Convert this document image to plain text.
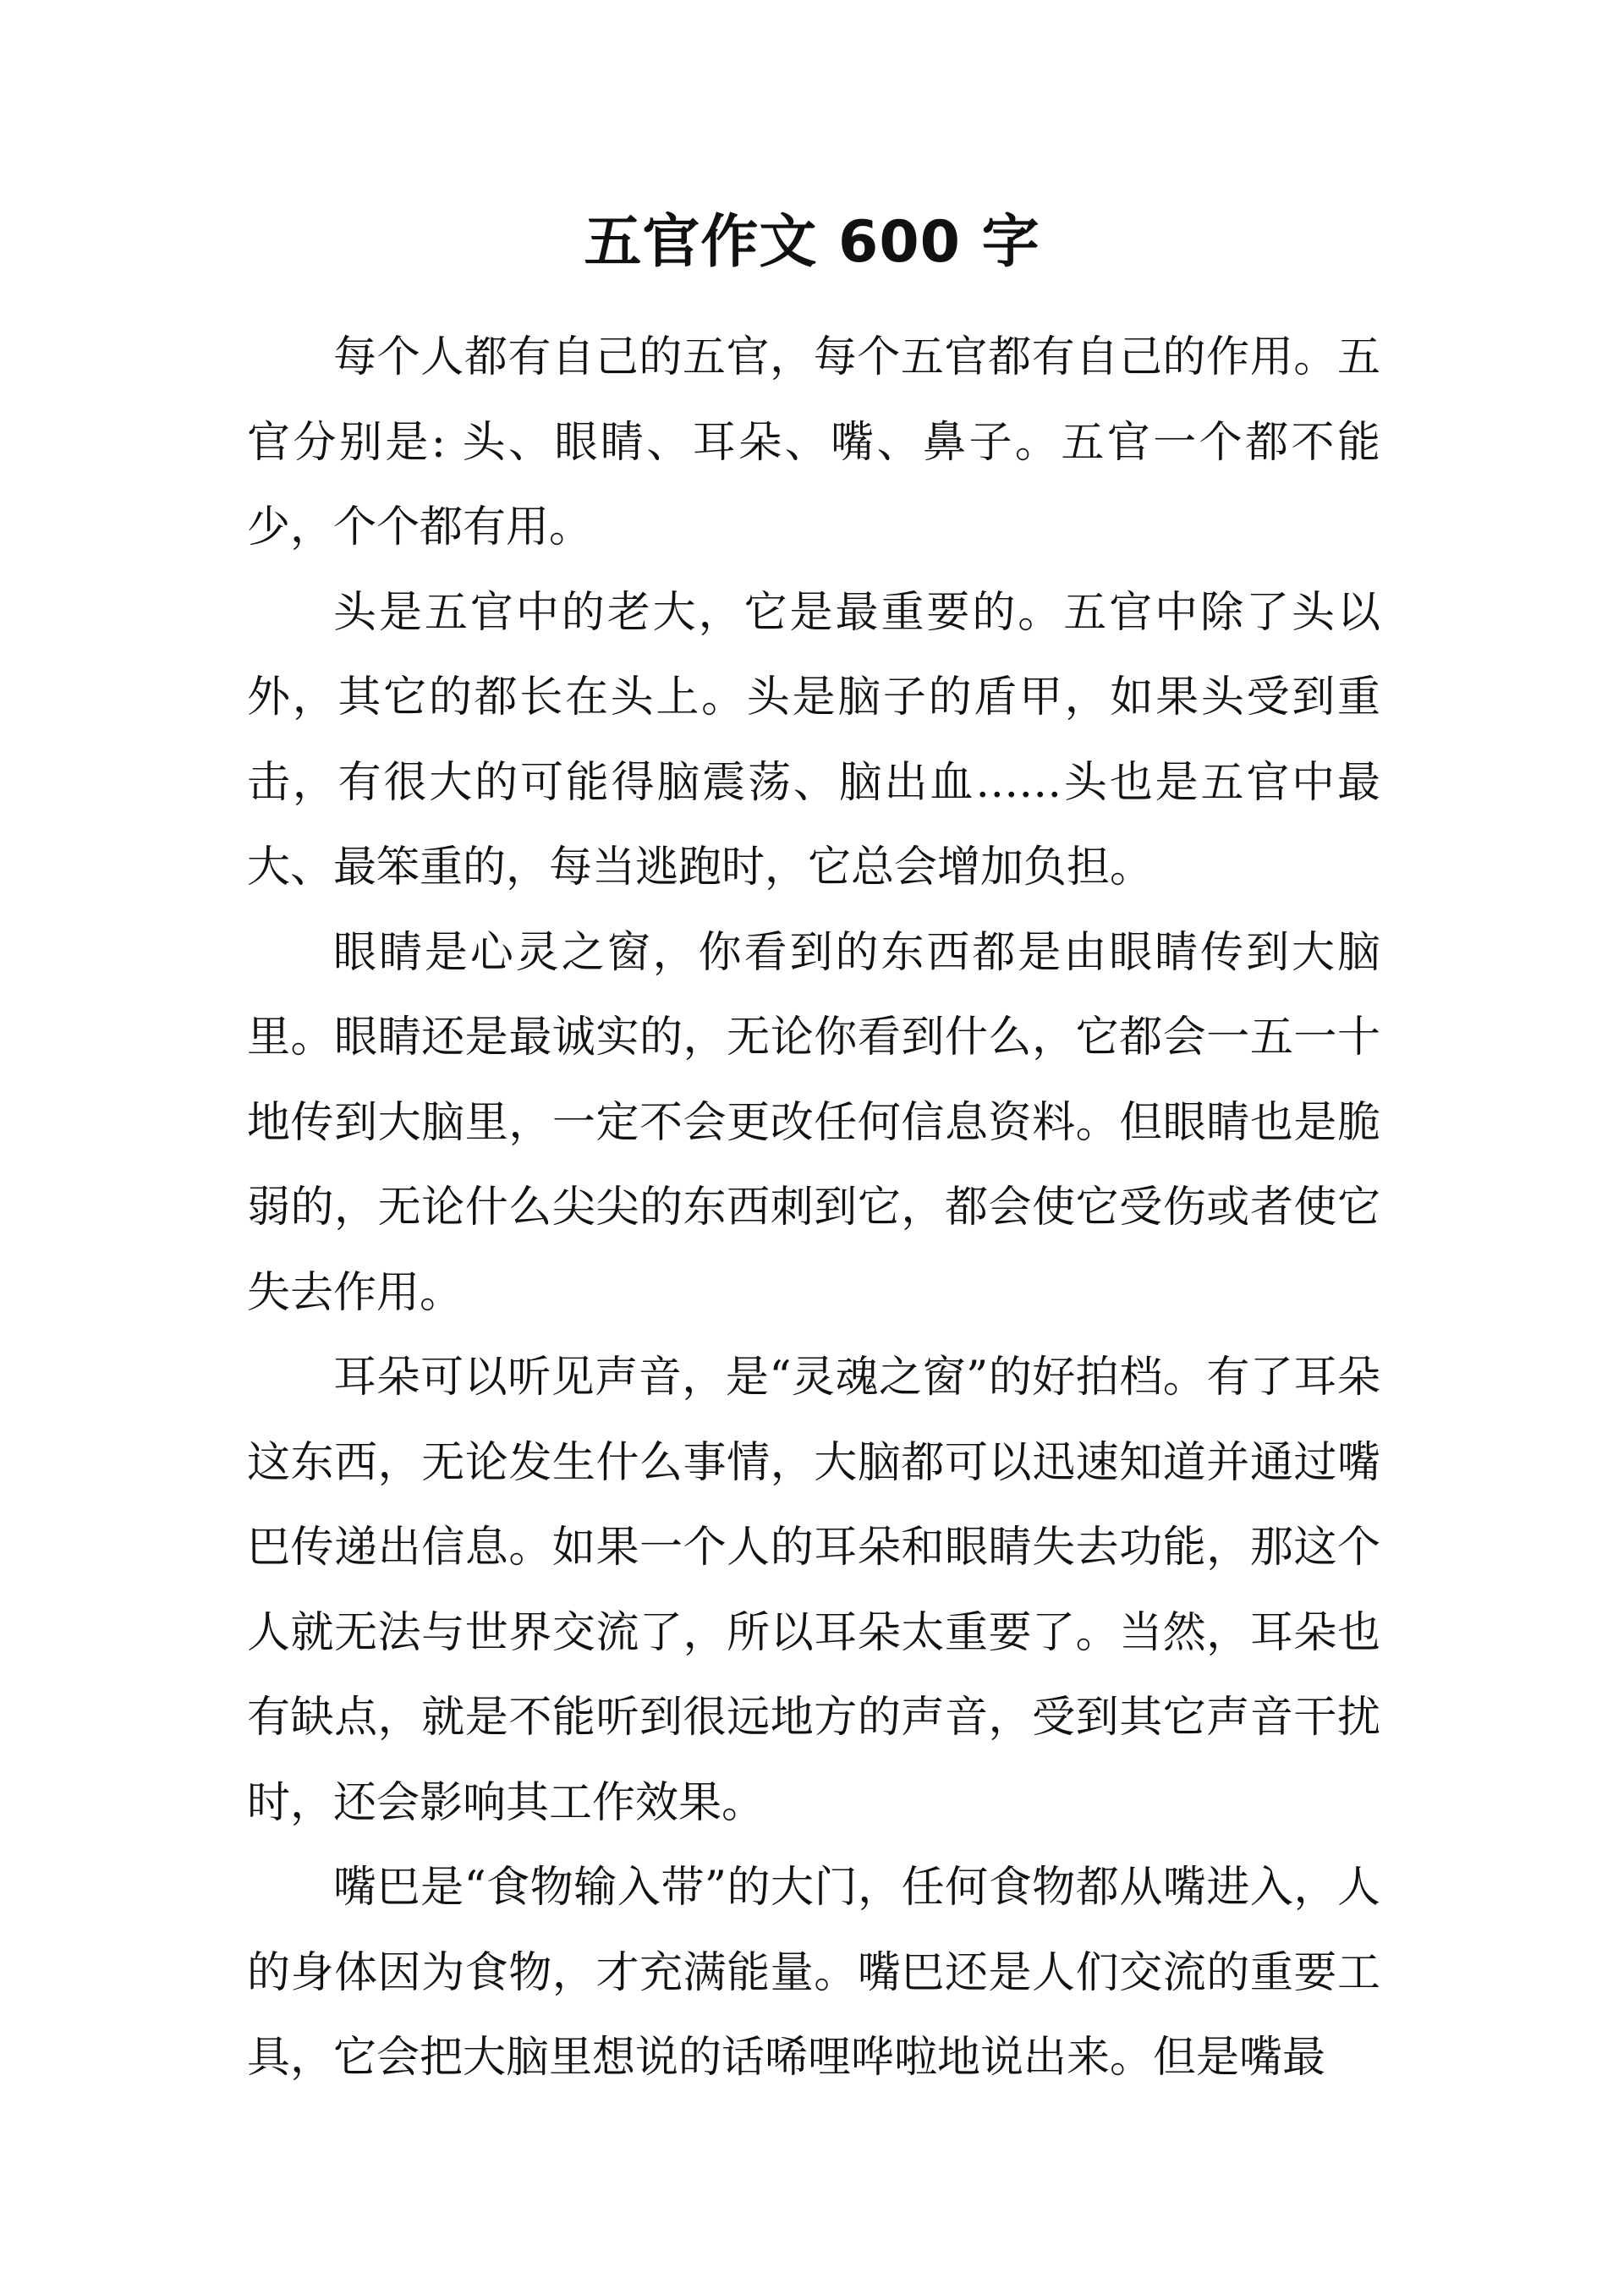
五官作文 600 字

每个人都有自己的五官，每个五官都有自己的作用。五官分别是: 头、眼睛、耳朵、嘴、鼻子。五官一个都不能少，个个都有用。

头是五官中的老大，它是最重要的。五官中除了头以外，其它的都长在头上。头是脑子的盾甲，如果头受到重击，有很大的可能得脑震荡、脑出血……头也是五官中最大、最笨重的，每当逃跑时，它总会增加负担。

眼睛是心灵之窗，你看到的东西都是由眼睛传到大脑里。眼睛还是最诚实的，无论你看到什么，它都会一五一十地传到大脑里，一定不会更改任何信息资料。但眼睛也是脆弱的，无论什么尖尖的东西刺到它，都会使它受伤或者使它失去作用。

耳朵可以听见声音，是“灵魂之窗”的好拍档。有了耳朵这东西，无论发生什么事情，大脑都可以迅速知道并通过嘴巴传递出信息。如果一个人的耳朵和眼睛失去功能，那这个人就无法与世界交流了，所以耳朵太重要了。当然，耳朵也有缺点，就是不能听到很远地方的声音，受到其它声音干扰时，还会影响其工作效果。

嘴巴是“食物输入带”的大门，任何食物都从嘴进入，人的身体因为食物，才充满能量。嘴巴还是人们交流的重要工具，它会把大脑里想说的话唏哩哗啦地说出来。但是嘴最
